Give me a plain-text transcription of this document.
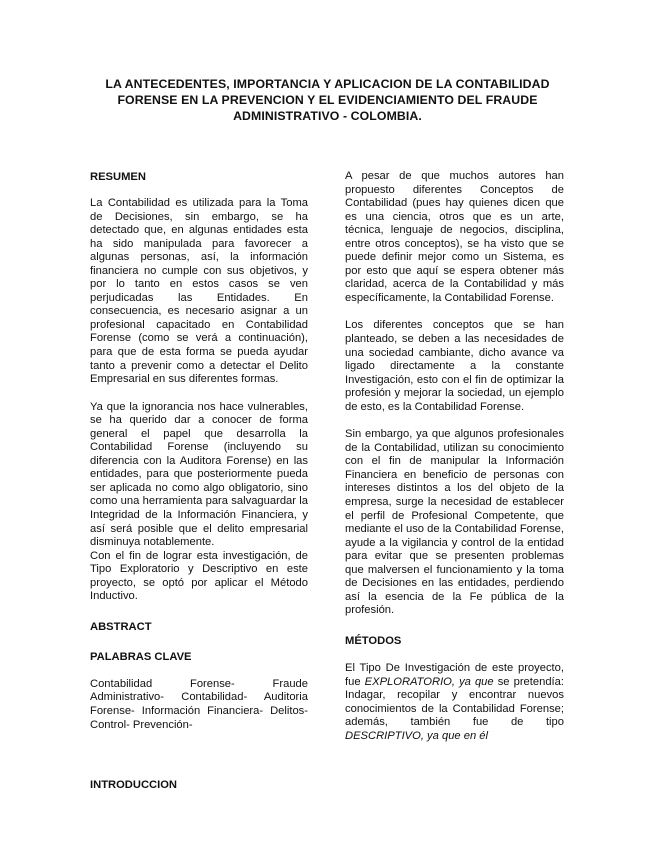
LA ANTECEDENTES, IMPORTANCIA Y APLICACION DE LA CONTABILIDAD FORENSE EN LA PREVENCION Y EL EVIDENCIAMIENTO DEL FRAUDE ADMINISTRATIVO - COLOMBIA.
RESUMEN

La Contabilidad es utilizada para la Toma de Decisiones, sin embargo, se ha detectado que, en algunas entidades esta ha sido manipulada para favorecer a algunas personas, así, la información financiera no cumple con sus objetivos, y por lo tanto en estos casos se ven perjudicadas las Entidades. En consecuencia, es necesario asignar a un profesional capacitado en Contabilidad Forense (como se verá a continuación), para que de esta forma se pueda ayudar tanto a prevenir como a detectar el Delito Empresarial en sus diferentes formas.

Ya que la ignorancia nos hace vulnerables, se ha querido dar a conocer de forma general el papel que desarrolla la Contabilidad Forense (incluyendo su diferencia con la Auditora Forense) en las entidades, para que posteriormente pueda ser aplicada no como algo obligatorio, sino como una herramienta para salvaguardar la Integridad de la Información Financiera, y así será posible que el delito empresarial disminuya notablemente.

Con el fin de lograr esta investigación, de Tipo Exploratorio y Descriptivo en este proyecto, se optó por aplicar el Método Inductivo.

ABSTRACT
PALABRAS CLAVE

Contabilidad Forense- Fraude Administrativo- Contabilidad- Auditoria Forense- Información Financiera- Delitos- Control- Prevención-

INTRODUCCION

A pesar de que muchos autores han propuesto diferentes Conceptos de Contabilidad (pues hay quienes dicen que es una ciencia, otros que es un arte, técnica, lenguaje de negocios, disciplina, entre otros conceptos), se ha visto que se puede definir mejor como un Sistema, es por esto que aquí se espera obtener más claridad, acerca de la Contabilidad y más específicamente, la Contabilidad Forense.

Los diferentes conceptos que se han planteado, se deben a las necesidades de una sociedad cambiante, dicho avance va ligado directamente a la constante Investigación, esto con el fin de optimizar la profesión y mejorar la sociedad, un ejemplo de esto, es la Contabilidad Forense.

Sin embargo, ya que algunos profesionales de la Contabilidad, utilizan su conocimiento con el fin de manipular la Información Financiera en beneficio de personas con intereses distintos a los del objeto de la empresa, surge la necesidad de establecer el perfil de Profesional Competente, que mediante el uso de la Contabilidad Forense, ayude a la vigilancia y control de la entidad para evitar que se presenten problemas que malversen el funcionamiento y la toma de Decisiones en las entidades, perdiendo así la esencia de la Fe pública de la profesión.

MÉTODOS

El Tipo De Investigación de este proyecto, fue EXPLORATORIO, ya que se pretendía: Indagar, recopilar y encontrar nuevos conocimientos de la Contabilidad Forense; además, también fue de tipo DESCRIPTIVO, ya que en él
